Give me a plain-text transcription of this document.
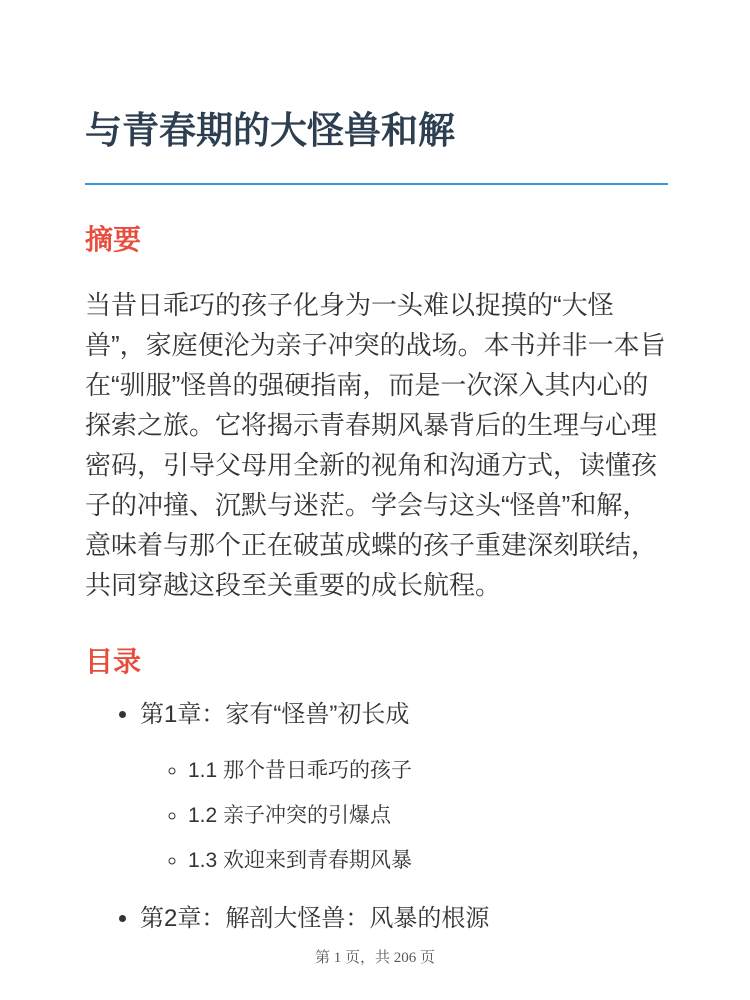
与青春期的大怪兽和解
摘要

当昔日乖巧的孩子化身为一头难以捉摸的“大怪兽”，家庭便沦为亲子冲突的战场。本书并非一本旨在“驯服”怪兽的强硬指南，而是一次深入其内心的探索之旅。它将揭示青春期风暴背后的生理与心理密码，引导父母用全新的视角和沟通方式，读懂孩子的冲撞、沉默与迷茫。学会与这头“怪兽”和解，意味着与那个正在破茧成蝶的孩子重建深刻联结，共同穿越这段至关重要的成长航程。

目录
• 第1章：家有“怪兽”初长成
◦ 1.1 那个昔日乖巧的孩子
◦ 1.2 亲子冲突的引爆点
◦ 1.3 欢迎来到青春期风暴
• 第2章：解剖大怪兽：风暴的根源
第 1 页，共 206 页
